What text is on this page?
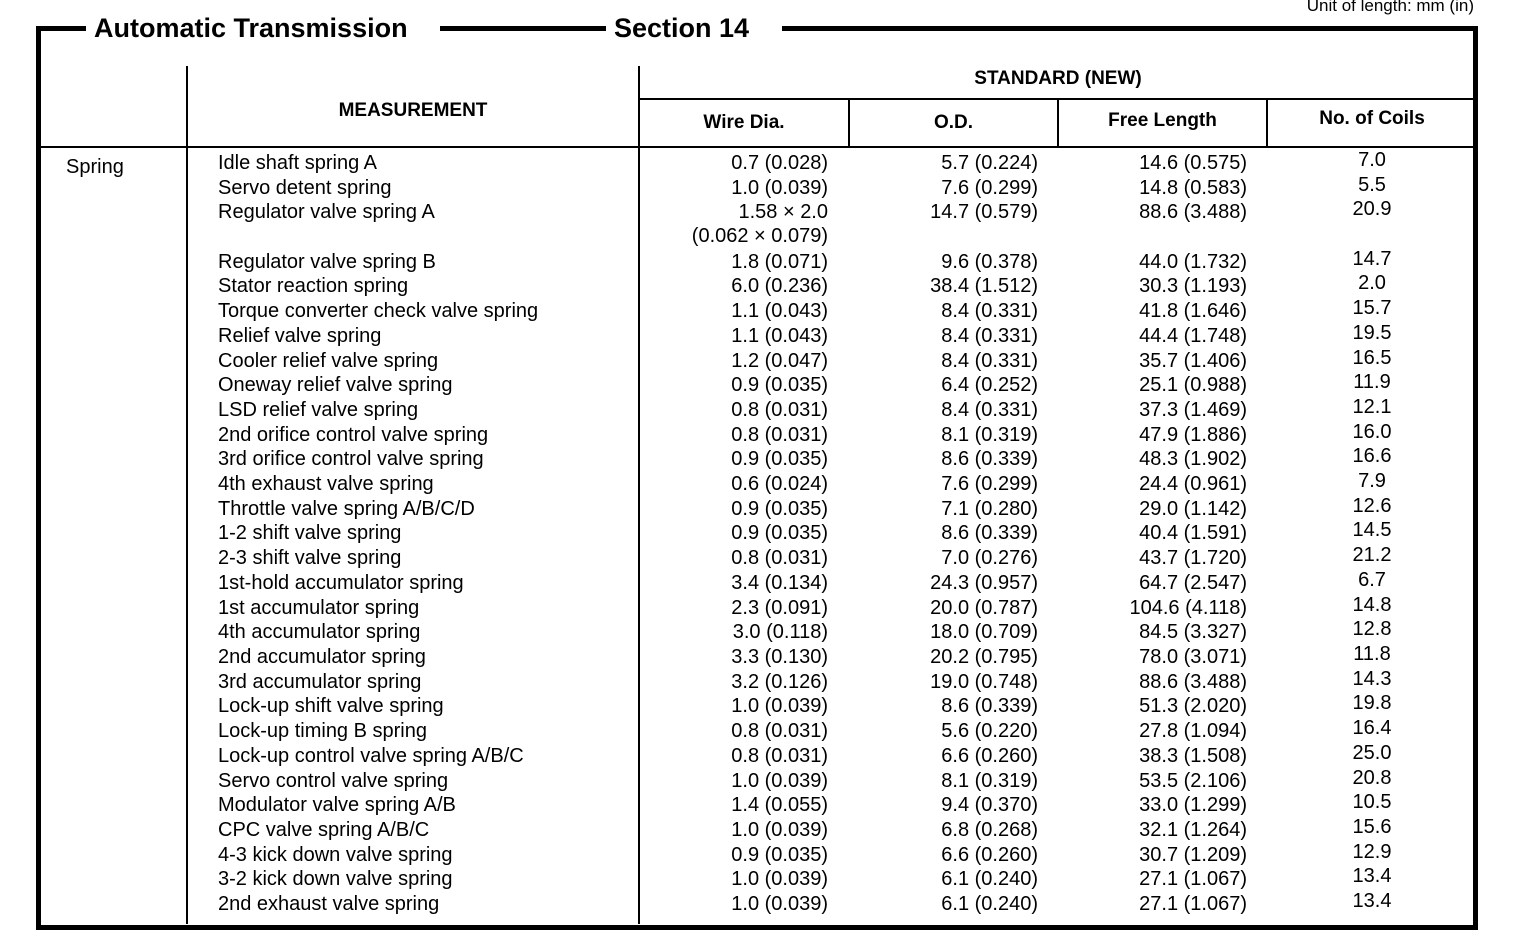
Unit of length: mm (in)
Automatic Transmission	Section 14
MEASUREMENT
STANDARD (NEW)
Wire Dia.	O.D.	Free Length	No. of Coils
Spring	Idle shaft spring A	0.7 (0.028)	5.7 (0.224)	14.6 (0.575)	7.0
Servo detent spring	1.0 (0.039)	7.6 (0.299)	14.8 (0.583)	5.5
Regulator valve spring A	1.58 × 2.0	14.7 (0.579)	88.6 (3.488)	20.9
(0.062 × 0.079)
Regulator valve spring B	1.8 (0.071)	9.6 (0.378)	44.0 (1.732)	14.7
Stator reaction spring	6.0 (0.236)	38.4 (1.512)	30.3 (1.193)	2.0
Torque converter check valve spring	1.1 (0.043)	8.4 (0.331)	41.8 (1.646)	15.7
Relief valve spring	1.1 (0.043)	8.4 (0.331)	44.4 (1.748)	19.5
Cooler relief valve spring	1.2 (0.047)	8.4 (0.331)	35.7 (1.406)	16.5
Oneway relief valve spring	0.9 (0.035)	6.4 (0.252)	25.1 (0.988)	11.9
LSD relief valve spring	0.8 (0.031)	8.4 (0.331)	37.3 (1.469)	12.1
2nd orifice control valve spring	0.8 (0.031)	8.1 (0.319)	47.9 (1.886)	16.0
3rd orifice control valve spring	0.9 (0.035)	8.6 (0.339)	48.3 (1.902)	16.6
4th exhaust valve spring	0.6 (0.024)	7.6 (0.299)	24.4 (0.961)	7.9
Throttle valve spring A/B/C/D	0.9 (0.035)	7.1 (0.280)	29.0 (1.142)	12.6
1-2 shift valve spring	0.9 (0.035)	8.6 (0.339)	40.4 (1.591)	14.5
2-3 shift valve spring	0.8 (0.031)	7.0 (0.276)	43.7 (1.720)	21.2
1st-hold accumulator spring	3.4 (0.134)	24.3 (0.957)	64.7 (2.547)	6.7
1st accumulator spring	2.3 (0.091)	20.0 (0.787)	104.6 (4.118)	14.8
4th accumulator spring	3.0 (0.118)	18.0 (0.709)	84.5 (3.327)	12.8
2nd accumulator spring	3.3 (0.130)	20.2 (0.795)	78.0 (3.071)	11.8
3rd accumulator spring	3.2 (0.126)	19.0 (0.748)	88.6 (3.488)	14.3
Lock-up shift valve spring	1.0 (0.039)	8.6 (0.339)	51.3 (2.020)	19.8
Lock-up timing B spring	0.8 (0.031)	5.6 (0.220)	27.8 (1.094)	16.4
Lock-up control valve spring A/B/C	0.8 (0.031)	6.6 (0.260)	38.3 (1.508)	25.0
Servo control valve spring	1.0 (0.039)	8.1 (0.319)	53.5 (2.106)	20.8
Modulator valve spring A/B	1.4 (0.055)	9.4 (0.370)	33.0 (1.299)	10.5
CPC valve spring A/B/C	1.0 (0.039)	6.8 (0.268)	32.1 (1.264)	15.6
4-3 kick down valve spring	0.9 (0.035)	6.6 (0.260)	30.7 (1.209)	12.9
3-2 kick down valve spring	1.0 (0.039)	6.1 (0.240)	27.1 (1.067)	13.4
2nd exhaust valve spring	1.0 (0.039)	6.1 (0.240)	27.1 (1.067)	13.4
